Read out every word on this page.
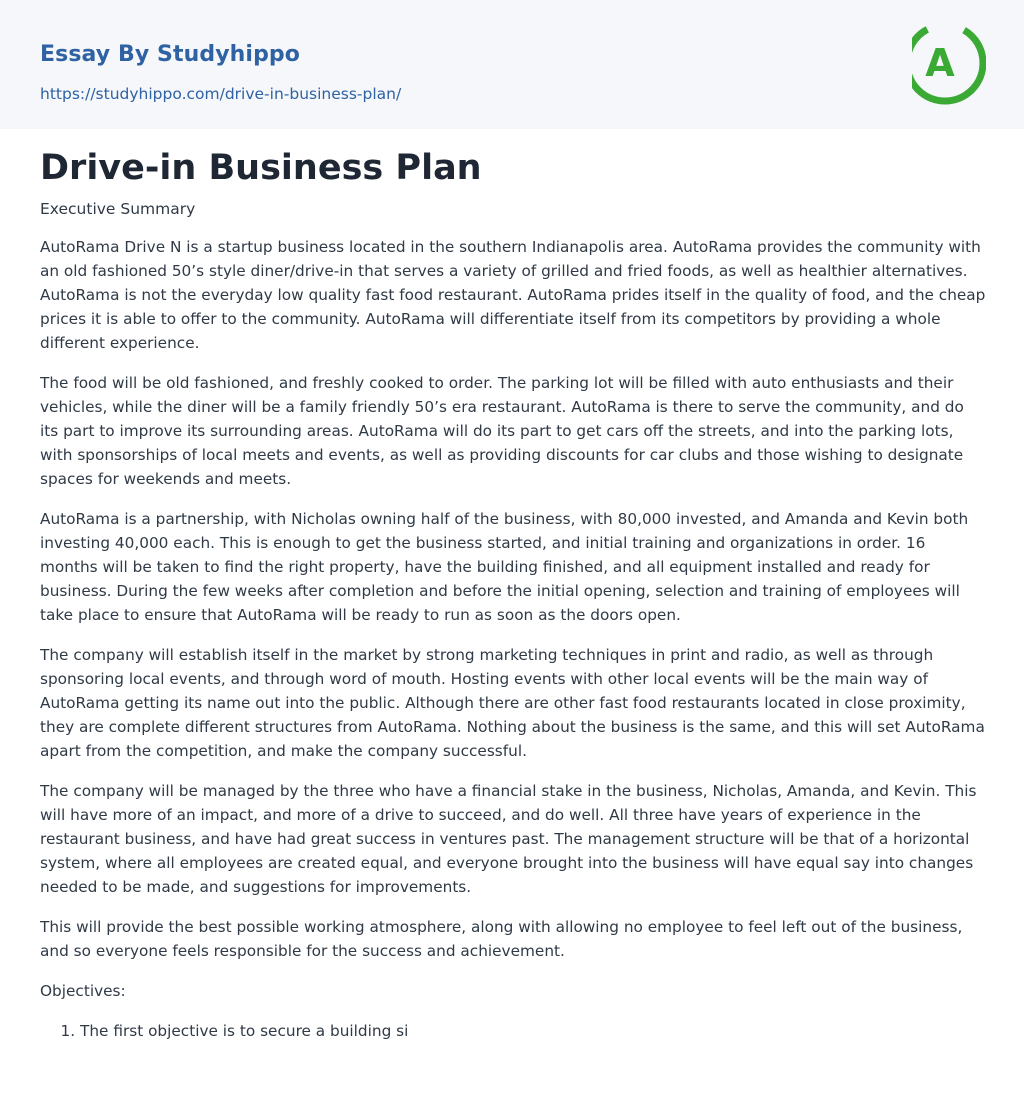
Essay By Studyhippo
https://studyhippo.com/drive-in-business-plan/
A
Drive-in Business Plan
Executive Summary

AutoRama Drive N is a startup business located in the southern Indianapolis area. AutoRama provides the community with an old fashioned 50’s style diner/drive-in that serves a variety of grilled and fried foods, as well as healthier alternatives. AutoRama is not the everyday low quality fast food restaurant. AutoRama prides itself in the quality of food, and the cheap prices it is able to offer to the community. AutoRama will differentiate itself from its competitors by providing a whole different experience.

The food will be old fashioned, and freshly cooked to order. The parking lot will be filled with auto enthusiasts and their vehicles, while the diner will be a family friendly 50’s era restaurant. AutoRama is there to serve the community, and do its part to improve its surrounding areas. AutoRama will do its part to get cars off the streets, and into the parking lots, with sponsorships of local meets and events, as well as providing discounts for car clubs and those wishing to designate spaces for weekends and meets.

AutoRama is a partnership, with Nicholas owning half of the business, with 80,000 invested, and Amanda and Kevin both investing 40,000 each. This is enough to get the business started, and initial training and organizations in order. 16 months will be taken to find the right property, have the building finished, and all equipment installed and ready for business. During the few weeks after completion and before the initial opening, selection and training of employees will take place to ensure that AutoRama will be ready to run as soon as the doors open.

The company will establish itself in the market by strong marketing techniques in print and radio, as well as through sponsoring local events, and through word of mouth. Hosting events with other local events will be the main way of AutoRama getting its name out into the public. Although there are other fast food restaurants located in close proximity, they are complete different structures from AutoRama. Nothing about the business is the same, and this will set AutoRama apart from the competition, and make the company successful.

The company will be managed by the three who have a financial stake in the business, Nicholas, Amanda, and Kevin. This will have more of an impact, and more of a drive to succeed, and do well. All three have years of experience in the restaurant business, and have had great success in ventures past. The management structure will be that of a horizontal system, where all employees are created equal, and everyone brought into the business will have equal say into changes needed to be made, and suggestions for improvements.

This will provide the best possible working atmosphere, along with allowing no employee to feel left out of the business, and so everyone feels responsible for the success and achievement.

Objectives:
1. The first objective is to secure a building si
